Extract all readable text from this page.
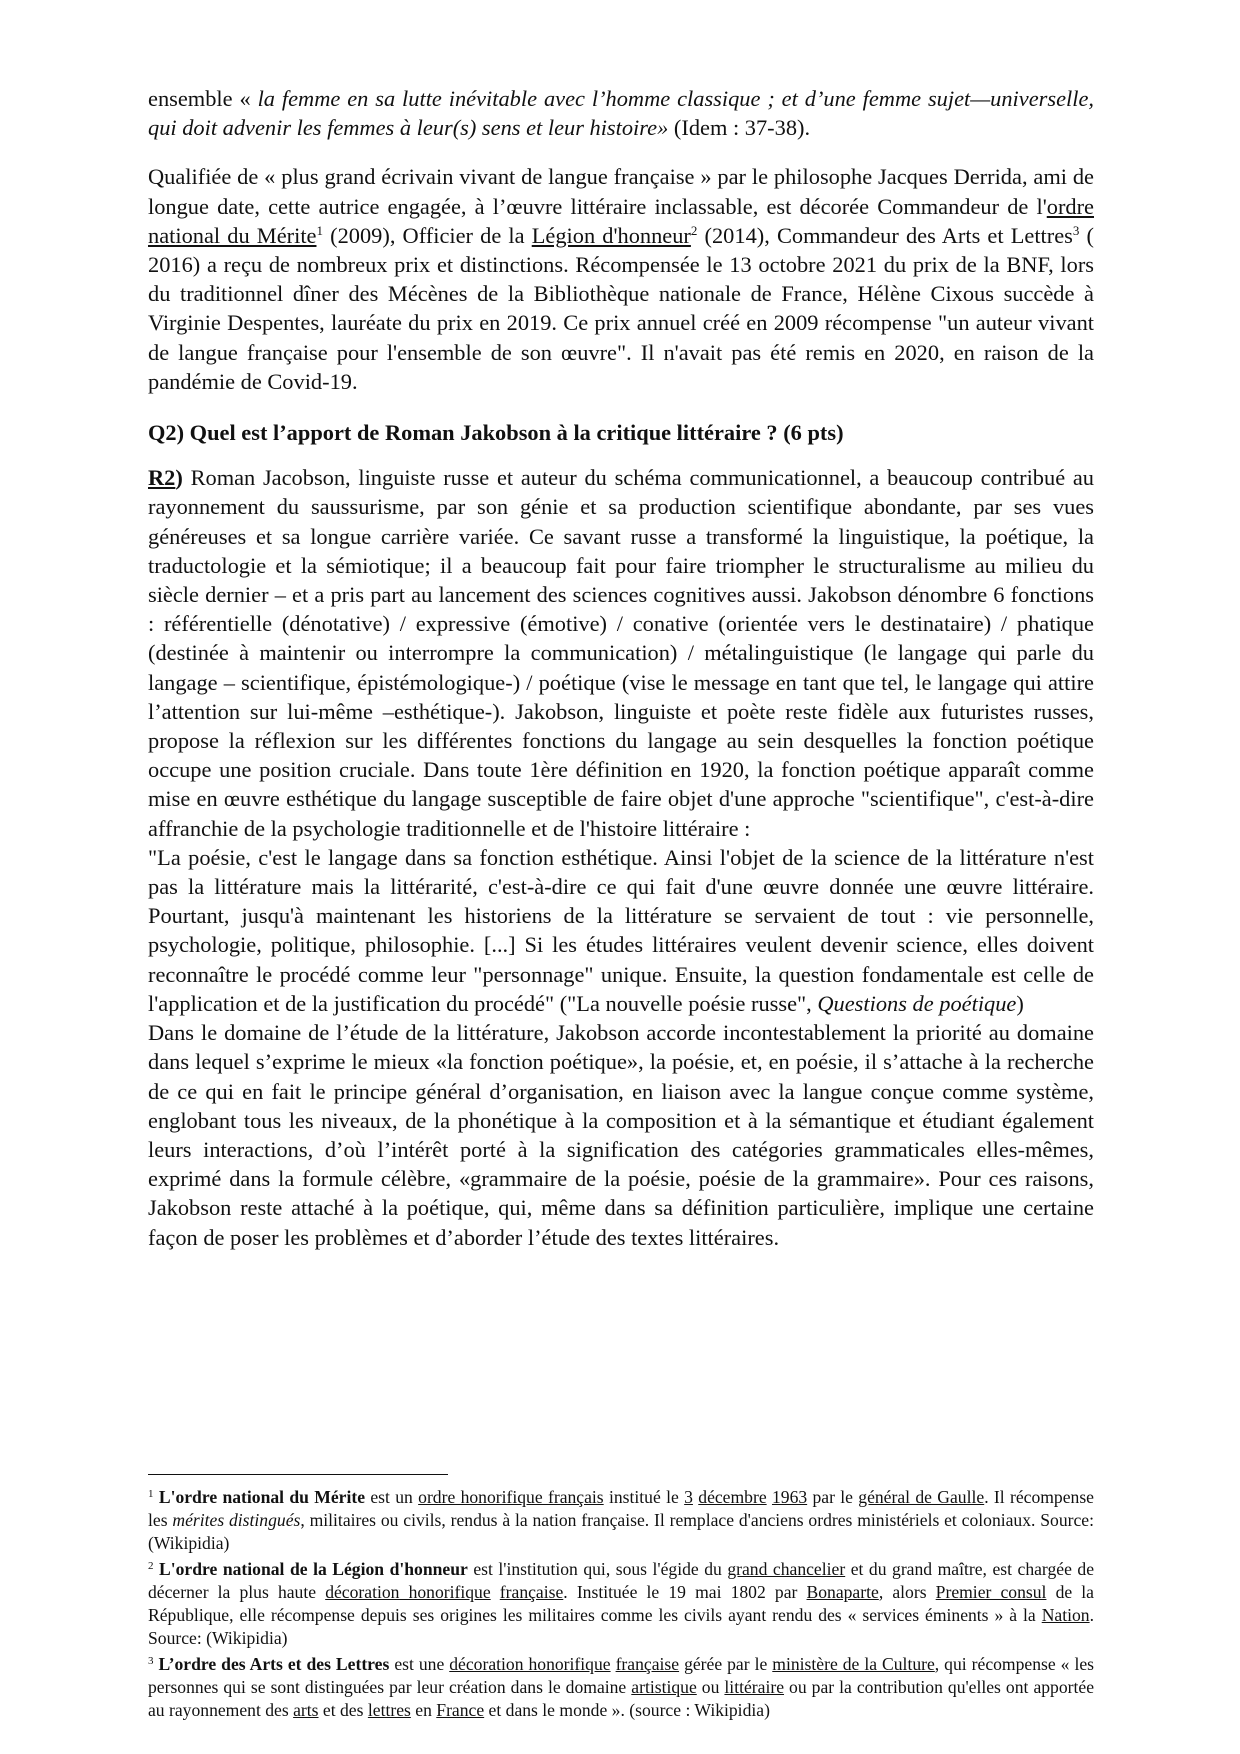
ensemble « la femme en sa lutte inévitable avec l’homme classique ; et d’une femme sujet—universelle, qui doit advenir les femmes à leur(s) sens et leur histoire» (Idem : 37-38).

Qualifiée de « plus grand écrivain vivant de langue française » par le philosophe Jacques Derrida, ami de longue date, cette autrice engagée, à l’œuvre littéraire inclassable, est décorée Commandeur de l'ordre national du Mérite$^1$ (2009), Officier de la Légion d'honneur$^2$ (2014), Commandeur des Arts et Lettres$^3$ ( 2016) a reçu de nombreux prix et distinctions. Récompensée le 13 octobre 2021 du prix de la BNF, lors du traditionnel dîner des Mécènes de la Bibliothèque nationale de France, Hélène Cixous succède à Virginie Despentes, lauréate du prix en 2019. Ce prix annuel créé en 2009 récompense "un auteur vivant de langue française pour l'ensemble de son œuvre". Il n'avait pas été remis en 2020, en raison de la pandémie de Covid-19.

Q2) Quel est l’apport de Roman Jakobson à la critique littéraire ? (6 pts)

R2) Roman Jacobson, linguiste russe et auteur du schéma communicationnel, a beaucoup contribué au rayonnement du saussurisme, par son génie et sa production scientifique abondante, par ses vues généreuses et sa longue carrière variée. Ce savant russe a transformé la linguistique, la poétique, la traductologie et la sémiotique; il a beaucoup fait pour faire triompher le structuralisme au milieu du siècle dernier – et a pris part au lancement des sciences cognitives aussi. Jakobson dénombre 6 fonctions : référentielle (dénotative) / expressive (émotive) / conative (orientée vers le destinataire) / phatique (destinée à maintenir ou interrompre la communication) / métalinguistique (le langage qui parle du langage – scientifique, épistémologique-) / poétique (vise le message en tant que tel, le langage qui attire l’attention sur lui-même –esthétique-). Jakobson, linguiste et poète reste fidèle aux futuristes russes, propose la réflexion sur les différentes fonctions du langage au sein desquelles la fonction poétique occupe une position cruciale. Dans toute 1ère définition en 1920, la fonction poétique apparaît comme mise en œuvre esthétique du langage susceptible de faire objet d'une approche "scientifique", c'est-à-dire affranchie de la psychologie traditionnelle et de l'histoire littéraire :

"La poésie, c'est le langage dans sa fonction esthétique. Ainsi l'objet de la science de la littérature n'est pas la littérature mais la littérarité, c'est-à-dire ce qui fait d'une œuvre donnée une œuvre littéraire. Pourtant, jusqu'à maintenant les historiens de la littérature se servaient de tout : vie personnelle, psychologie, politique, philosophie. [...] Si les études littéraires veulent devenir science, elles doivent reconnaître le procédé comme leur "personnage" unique. Ensuite, la question fondamentale est celle de l'application et de la justification du procédé" ("La nouvelle poésie russe", Questions de poétique)

Dans le domaine de l’étude de la littérature, Jakobson accorde incontestablement la priorité au domaine dans lequel s’exprime le mieux «la fonction poétique», la poésie, et, en poésie, il s’attache à la recherche de ce qui en fait le principe général d’organisation, en liaison avec la langue conçue comme système, englobant tous les niveaux, de la phonétique à la composition et à la sémantique et étudiant également leurs interactions, d’où l’intérêt porté à la signification des catégories grammaticales elles-mêmes, exprimé dans la formule célèbre, «grammaire de la poésie, poésie de la grammaire». Pour ces raisons, Jakobson reste attaché à la poétique, qui, même dans sa définition particulière, implique une certaine façon de poser les problèmes et d’aborder l’étude des textes littéraires.

$^1$ L'ordre national du Mérite est un ordre honorifique français institué le 3 décembre 1963 par le général de Gaulle. Il récompense les mérites distingués, militaires ou civils, rendus à la nation française. Il remplace d'anciens ordres ministériels et coloniaux. Source: (Wikipidia)

$^2$ L'ordre national de la Légion d'honneur est l'institution qui, sous l'égide du grand chancelier et du grand maître, est chargée de décerner la plus haute décoration honorifique française. Instituée le 19 mai 1802 par Bonaparte, alors Premier consul de la République, elle récompense depuis ses origines les militaires comme les civils ayant rendu des « services éminents » à la Nation. Source: (Wikipidia)

$^3$ L’ordre des Arts et des Lettres est une décoration honorifique française gérée par le ministère de la Culture, qui récompense « les personnes qui se sont distinguées par leur création dans le domaine artistique ou littéraire ou par la contribution qu'elles ont apportée au rayonnement des arts et des lettres en France et dans le monde ». (source : Wikipidia)
